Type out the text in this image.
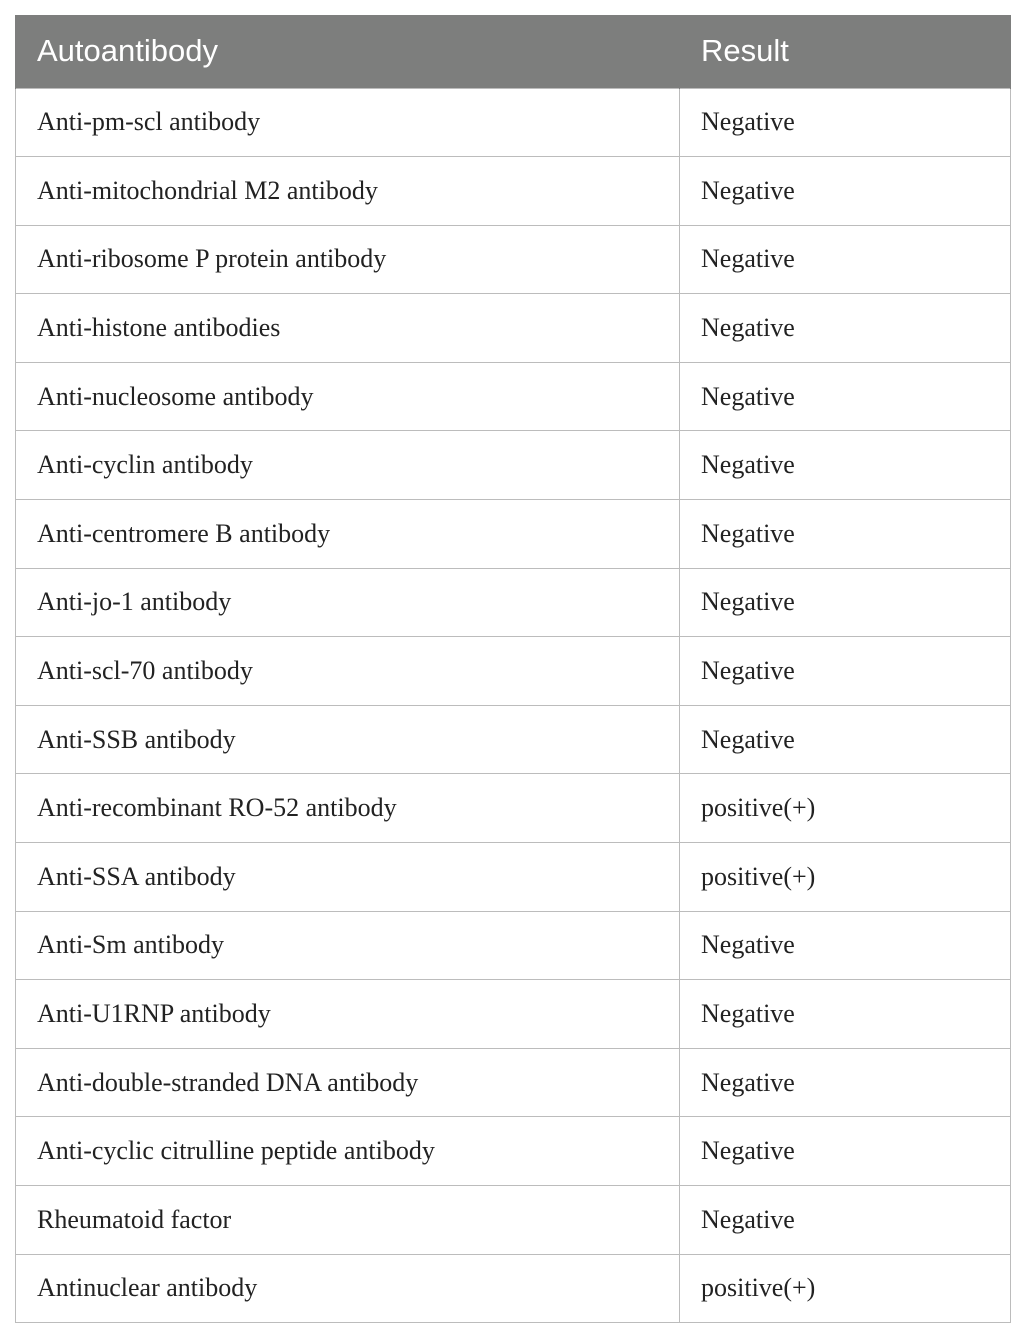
Autoantibody	Result
Anti-pm-scl antibody	Negative
Anti-mitochondrial M2 antibody	Negative
Anti-ribosome P protein antibody	Negative
Anti-histone antibodies	Negative
Anti-nucleosome antibody	Negative
Anti-cyclin antibody	Negative
Anti-centromere B antibody	Negative
Anti-jo-1 antibody	Negative
Anti-scl-70 antibody	Negative
Anti-SSB antibody	Negative
Anti-recombinant RO-52 antibody	positive(+)
Anti-SSA antibody	positive(+)
Anti-Sm antibody	Negative
Anti-U1RNP antibody	Negative
Anti-double-stranded DNA antibody	Negative
Anti-cyclic citrulline peptide antibody	Negative
Rheumatoid factor	Negative
Antinuclear antibody	positive(+)
